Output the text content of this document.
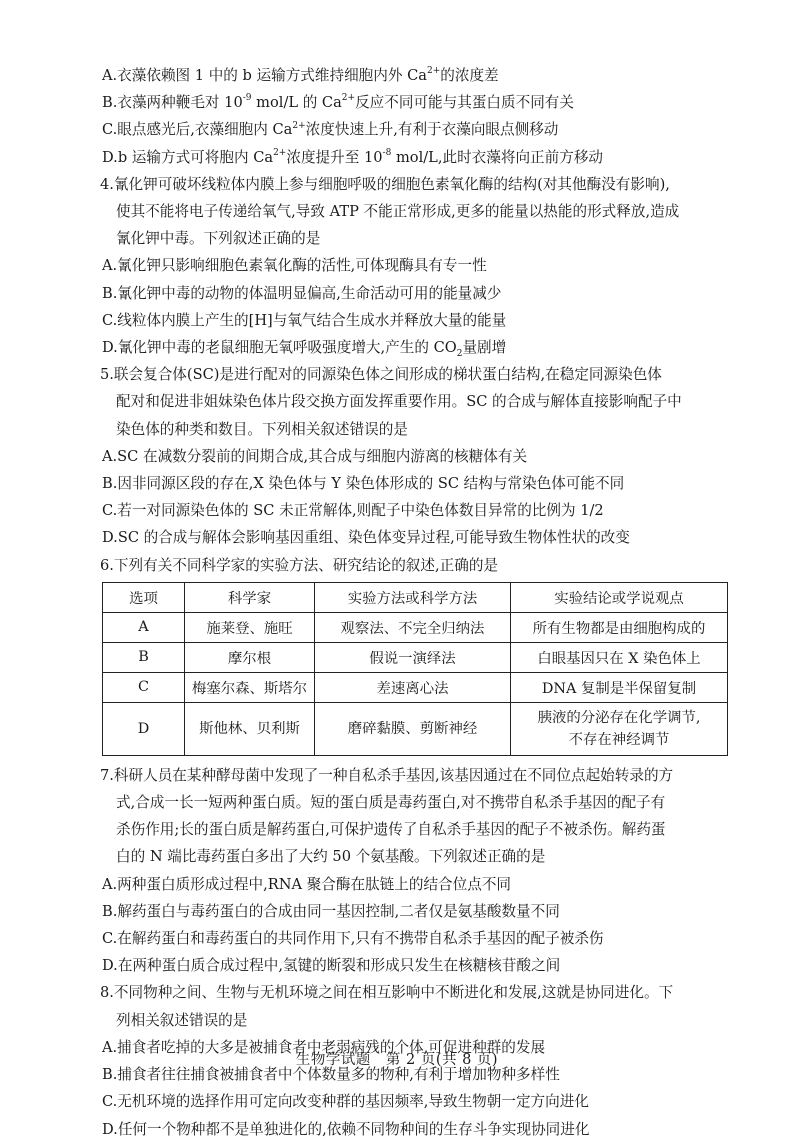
A.衣藻依赖图 1 中的 b 运输方式维持细胞内外 $Ca^{2+}$的浓度差
B.衣藻两种鞭毛对 $10^{-9}$ mol/L 的 $Ca^{2+}$反应不同可能与其蛋白质不同有关
C.眼点感光后,衣藻细胞内 $Ca^{2+}$浓度快速上升,有利于衣藻向眼点侧移动
D.b 运输方式可将胞内 $Ca^{2+}$浓度提升至 $10^{-8}$ mol/L,此时衣藻将向正前方移动
4.氰化钾可破坏线粒体内膜上参与细胞呼吸的细胞色素氧化酶的结构(对其他酶没有影响),
使其不能将电子传递给氧气,导致 ATP 不能正常形成,更多的能量以热能的形式释放,造成
氰化钾中毒。下列叙述正确的是
A.氰化钾只影响细胞色素氧化酶的活性,可体现酶具有专一性
B.氰化钾中毒的动物的体温明显偏高,生命活动可用的能量减少
C.线粒体内膜上产生的[H]与氧气结合生成水并释放大量的能量
D.氰化钾中毒的老鼠细胞无氧呼吸强度增大,产生的 $CO_2$量剧增
5.联会复合体(SC)是进行配对的同源染色体之间形成的梯状蛋白结构,在稳定同源染色体
配对和促进非姐妹染色体片段交换方面发挥重要作用。SC 的合成与解体直接影响配子中
染色体的种类和数目。下列相关叙述错误的是
A.SC 在减数分裂前的间期合成,其合成与细胞内游离的核糖体有关
B.因非同源区段的存在,X 染色体与 Y 染色体形成的 SC 结构与常染色体可能不同
C.若一对同源染色体的 SC 未正常解体,则配子中染色体数目异常的比例为 1/2
D.SC 的合成与解体会影响基因重组、染色体变异过程,可能导致生物体性状的改变
6.下列有关不同科学家的实验方法、研究结论的叙述,正确的是
选项	科学家	实验方法或科学方法	实验结论或学说观点
A	施莱登、施旺	观察法、不完全归纳法	所有生物都是由细胞构成的
B	摩尔根	假说一演绎法	白眼基因只在 X 染色体上
C	梅塞尔森、斯塔尔	差速离心法	DNA 复制是半保留复制
D	斯他林、贝利斯	磨碎黏膜、剪断神经	胰液的分泌存在化学调节,
不存在神经调节
7.科研人员在某种酵母菌中发现了一种自私杀手基因,该基因通过在不同位点起始转录的方
式,合成一长一短两种蛋白质。短的蛋白质是毒药蛋白,对不携带自私杀手基因的配子有
杀伤作用;长的蛋白质是解药蛋白,可保护遗传了自私杀手基因的配子不被杀伤。解药蛋
白的 N 端比毒药蛋白多出了大约 50 个氨基酸。下列叙述正确的是
A.两种蛋白质形成过程中,RNA 聚合酶在肽链上的结合位点不同
B.解药蛋白与毒药蛋白的合成由同一基因控制,二者仅是氨基酸数量不同
C.在解药蛋白和毒药蛋白的共同作用下,只有不携带自私杀手基因的配子被杀伤
D.在两种蛋白质合成过程中,氢键的断裂和形成只发生在核糖核苷酸之间
8.不同物种之间、生物与无机环境之间在相互影响中不断进化和发展,这就是协同进化。下
列相关叙述错误的是
A.捕食者吃掉的大多是被捕食者中老弱病残的个体,可促进种群的发展
B.捕食者往往捕食被捕食者中个体数量多的物种,有利于增加物种多样性
C.无机环境的选择作用可定向改变种群的基因频率,导致生物朝一定方向进化
D.任何一个物种都不是单独进化的,依赖不同物种间的生存斗争实现协同进化
生物学试题　第 2 页(共 8 页)
